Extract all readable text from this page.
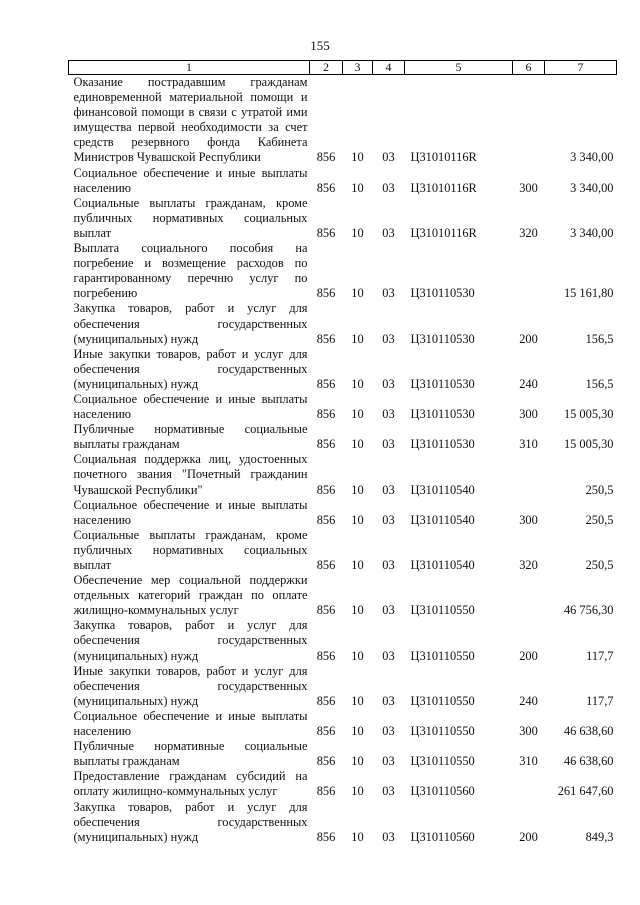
155
1	2	3	4	5	6	7
Оказание пострадавшим гражданам единовременной материальной помощи и финансовой помощи в связи с утратой ими имущества первой необходимости за счет средств резервного фонда Кабинета Министров Чувашской Республики	856	10	03	Ц31010116R		3 340,00
Социальное обеспечение и иные выплаты населению	856	10	03	Ц31010116R	300	3 340,00
Социальные выплаты гражданам, кроме публичных нормативных социальных выплат	856	10	03	Ц31010116R	320	3 340,00
Выплата социального пособия на погребение и возмещение расходов по гарантированному перечню услуг по погребению	856	10	03	Ц310110530		15 161,80
Закупка товаров, работ и услуг для обеспечения государственных (муниципальных) нужд	856	10	03	Ц310110530	200	156,5
Иные закупки товаров, работ и услуг для обеспечения государственных (муниципальных) нужд	856	10	03	Ц310110530	240	156,5
Социальное обеспечение и иные выплаты населению	856	10	03	Ц310110530	300	15 005,30
Публичные нормативные социальные выплаты гражданам	856	10	03	Ц310110530	310	15 005,30
Социальная поддержка лиц, удостоенных почетного звания "Почетный гражданин Чувашской Республики"	856	10	03	Ц310110540		250,5
Социальное обеспечение и иные выплаты населению	856	10	03	Ц310110540	300	250,5
Социальные выплаты гражданам, кроме публичных нормативных социальных выплат	856	10	03	Ц310110540	320	250,5
Обеспечение мер социальной поддержки отдельных категорий граждан по оплате жилищно-коммунальных услуг	856	10	03	Ц310110550		46 756,30
Закупка товаров, работ и услуг для обеспечения государственных (муниципальных) нужд	856	10	03	Ц310110550	200	117,7
Иные закупки товаров, работ и услуг для обеспечения государственных (муниципальных) нужд	856	10	03	Ц310110550	240	117,7
Социальное обеспечение и иные выплаты населению	856	10	03	Ц310110550	300	46 638,60
Публичные нормативные социальные выплаты гражданам	856	10	03	Ц310110550	310	46 638,60
Предоставление гражданам субсидий на оплату жилищно-коммунальных услуг	856	10	03	Ц310110560		261 647,60
Закупка товаров, работ и услуг для обеспечения государственных (муниципальных) нужд	856	10	03	Ц310110560	200	849,3
